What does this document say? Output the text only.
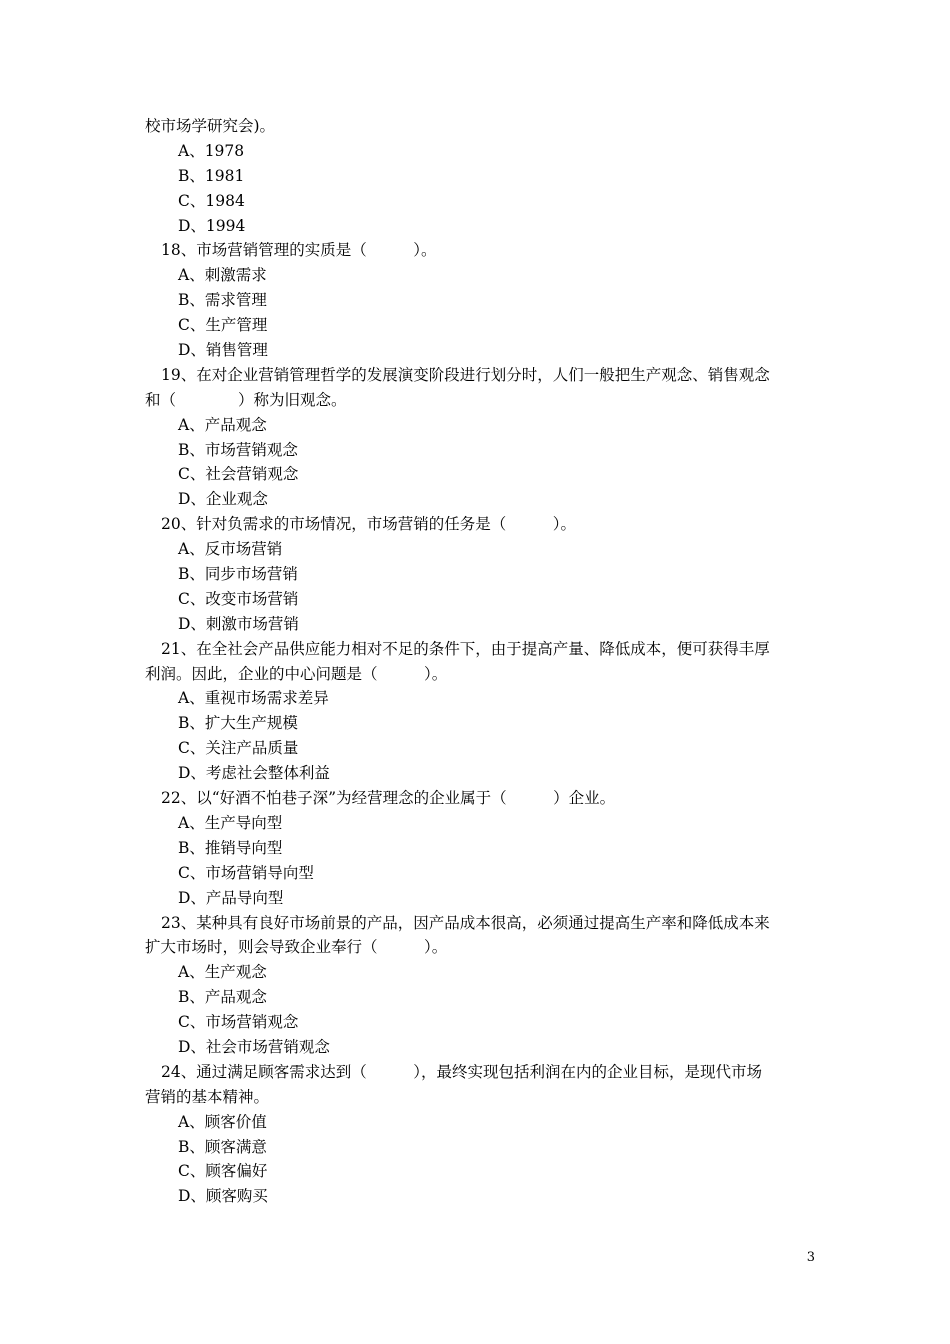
校市场学研究会)。
A、1978
B、1981
C、1984
D、1994
18、市场营销管理的实质是（　　　）。
A、刺激需求
B、需求管理
C、生产管理
D、销售管理
19、在对企业营销管理哲学的发展演变阶段进行划分时，人们一般把生产观念、销售观念
和（　　　　）称为旧观念。
A、产品观念
B、市场营销观念
C、社会营销观念
D、企业观念
20、针对负需求的市场情况，市场营销的任务是（　　　）。
A、反市场营销
B、同步市场营销
C、改变市场营销
D、刺激市场营销
21、在全社会产品供应能力相对不足的条件下，由于提高产量、降低成本，便可获得丰厚
利润。因此，企业的中心问题是（　　　）。
A、重视市场需求差异
B、扩大生产规模
C、关注产品质量
D、考虑社会整体利益
22、以“好酒不怕巷子深”为经营理念的企业属于（　　　）企业。
A、生产导向型
B、推销导向型
C、市场营销导向型
D、产品导向型
23、某种具有良好市场前景的产品，因产品成本很高，必须通过提高生产率和降低成本来
扩大市场时，则会导致企业奉行（　　　）。
A、生产观念
B、产品观念
C、市场营销观念
D、社会市场营销观念
24、通过满足顾客需求达到（　　　），最终实现包括利润在内的企业目标，是现代市场
营销的基本精神。
A、顾客价值
B、顾客满意
C、顾客偏好
D、顾客购买
3
